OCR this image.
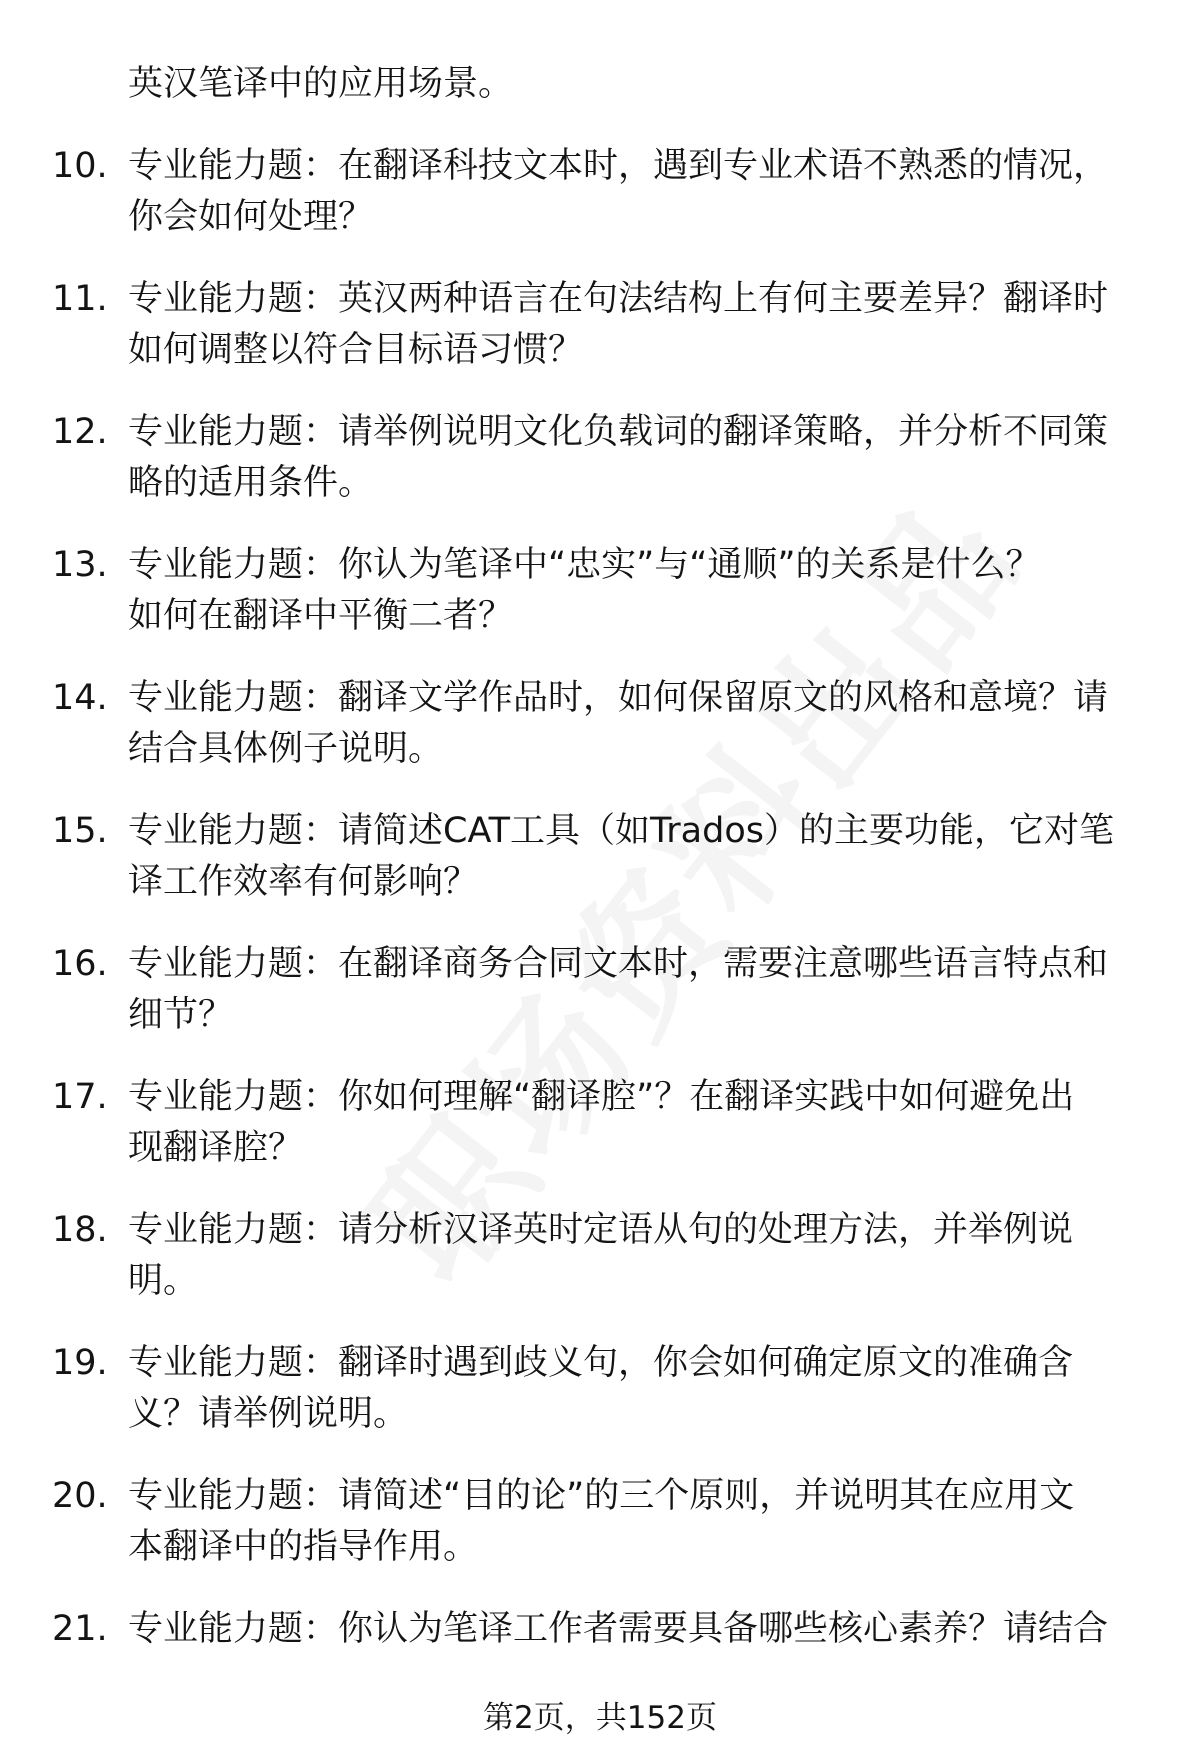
英汉笔译中的应用场景。
10. 专业能力题：在翻译科技文本时，遇到专业术语不熟悉的情况，
你会如何处理？
11. 专业能力题：英汉两种语言在句法结构上有何主要差异？翻译时
如何调整以符合目标语习惯？
12. 专业能力题：请举例说明文化负载词的翻译策略，并分析不同策
略的适用条件。
13. 专业能力题：你认为笔译中“忠实”与“通顺”的关系是什么？
如何在翻译中平衡二者？
14. 专业能力题：翻译文学作品时，如何保留原文的风格和意境？请
结合具体例子说明。
15. 专业能力题：请简述CAT工具（如Trados）的主要功能，它对笔
译工作效率有何影响？
16. 专业能力题：在翻译商务合同文本时，需要注意哪些语言特点和
细节？
17. 专业能力题：你如何理解“翻译腔”？在翻译实践中如何避免出
现翻译腔？
18. 专业能力题：请分析汉译英时定语从句的处理方法，并举例说
明。
19. 专业能力题：翻译时遇到歧义句，你会如何确定原文的准确含
义？请举例说明。
20. 专业能力题：请简述“目的论”的三个原则，并说明其在应用文
本翻译中的指导作用。
21. 专业能力题：你认为笔译工作者需要具备哪些核心素养？请结合
第2页，共152页
